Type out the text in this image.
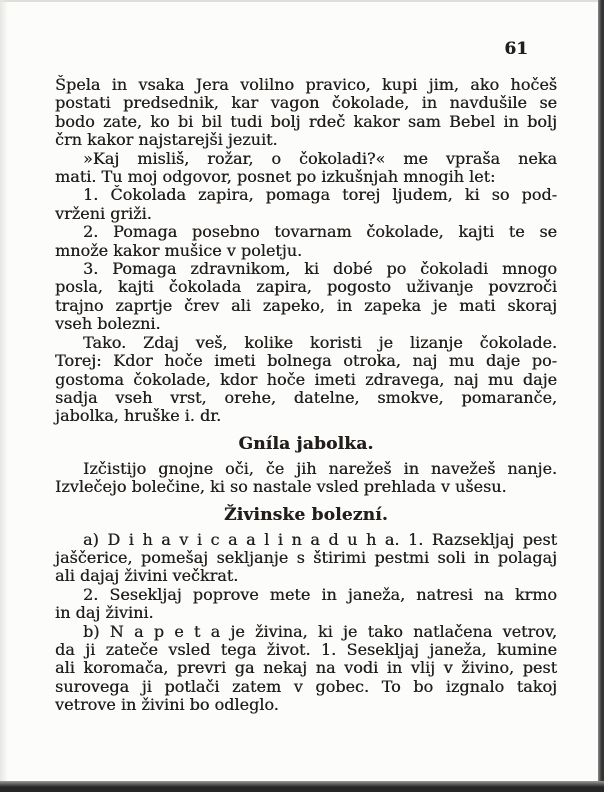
61
Špela in vsaka Jera volilno pravico, kupi jim, ako hočeš
postati predsednik, kar vagon čokolade, in navdušile se
bodo zate, ko bi bil tudi bolj rdeč kakor sam Bebel in bolj
črn kakor najstarejši jezuit.
»Kaj misliš, rožar, o čokoladi?« me vpraša neka
mati. Tu moj odgovor, posnet po izkušnjah mnogih let:
1. Čokolada zapira, pomaga torej ljudem, ki so pod-
vrženi griži.
2. Pomaga posebno tovarnam čokolade, kajti te se
množe kakor mušice v poletju.
3. Pomaga zdravnikom, ki dobé po čokoladi mnogo
posla, kajti čokolada zapira, pogosto uživanje povzroči
trajno zaprtje črev ali zapeko, in zapeka je mati skoraj
vseh bolezni.
Tako. Zdaj veš, kolike koristi je lizanje čokolade.
Torej: Kdor hoče imeti bolnega otroka, naj mu daje po-
gostoma čokolade, kdor hoče imeti zdravega, naj mu daje
sadja vseh vrst, orehe, datelne, smokve, pomaranče,
jabolka, hruške i. dr.
Gníla jabolka.
Izčistijo gnojne oči, če jih narežeš in navežeš nanje.
Izvlečejo bolečine, ki so nastale vsled prehlada v ušesu.
Živinske bolezní.
a) D i h a v i c a a l i n a d u h a. 1. Razsekljaj pest
jaščerice, pomešaj sekljanje s štirimi pestmi soli in polagaj
ali dajaj živini večkrat.
2. Sesekljaj poprove mete in janeža, natresi na krmo
in daj živini.
b) N a p e t a je živina, ki je tako natlačena vetrov,
da ji zateče vsled tega život. 1. Sesekljaj janeža, kumine
ali koromača, prevri ga nekaj na vodi in vlij v živino, pest
surovega ji potlači zatem v gobec. To bo izgnalo takoj
vetrove in živini bo odleglo.
